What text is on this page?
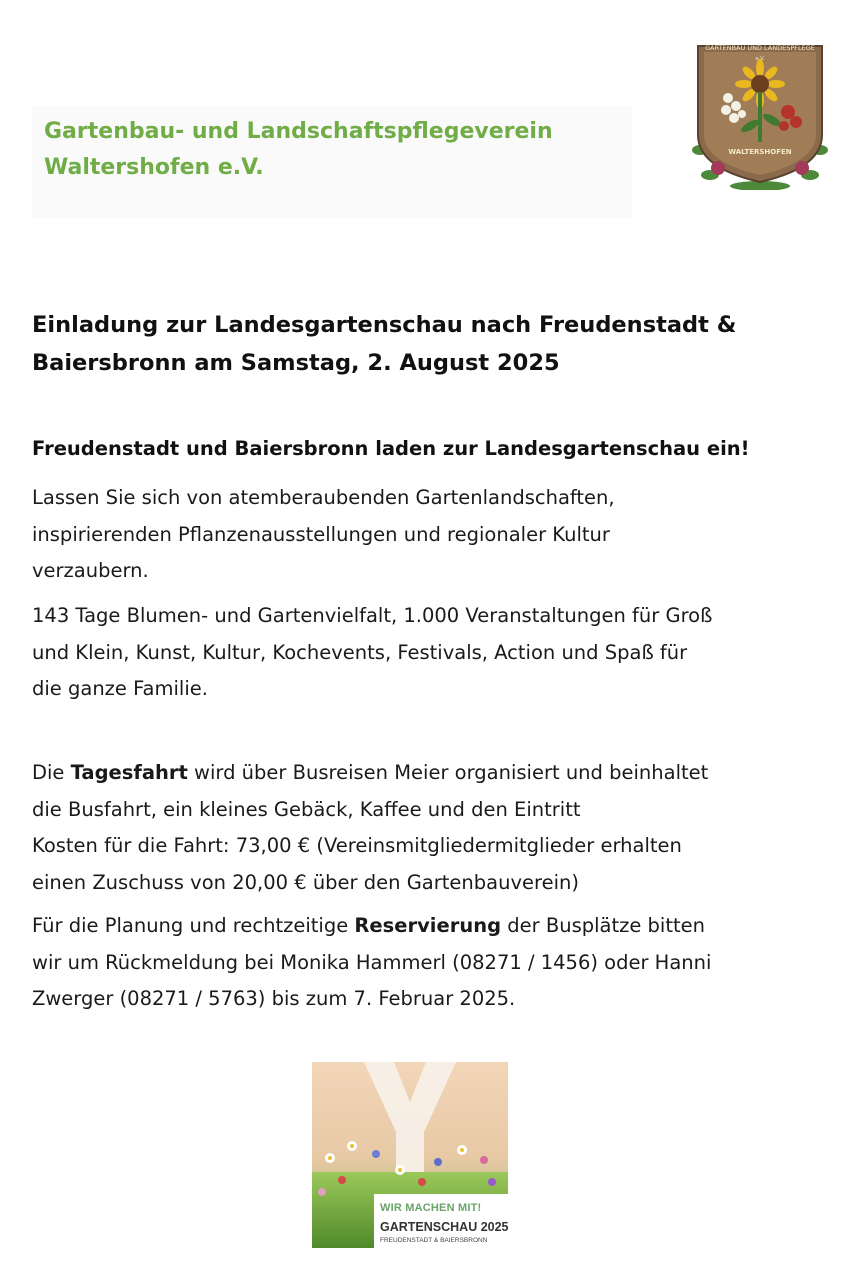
Gartenbau- und Landschaftspflegeverein
Waltershofen e.V.
GARTENBAU UND LANDESPFLEGE
e.V.
WALTERSHOFEN
Einladung zur Landesgartenschau nach Freudenstadt &
Baiersbronn am Samstag, 2. August 2025
Freudenstadt und Baiersbronn laden zur Landesgartenschau ein!
Lassen Sie sich von atemberaubenden Gartenlandschaften,
inspirierenden Pflanzenausstellungen und regionaler Kultur
verzaubern.
143 Tage Blumen- und Gartenvielfalt, 1.000 Veranstaltungen für Groß
und Klein, Kunst, Kultur, Kochevents, Festivals, Action und Spaß für
die ganze Familie.
Die Tagesfahrt wird über Busreisen Meier organisiert und beinhaltet
die Busfahrt, ein kleines Gebäck, Kaffee und den Eintritt
Kosten für die Fahrt: 73,00 € (Vereinsmitgliedermitglieder erhalten
einen Zuschuss von 20,00 € über den Gartenbauverein)
Für die Planung und rechtzeitige Reservierung der Busplätze bitten
wir um Rückmeldung bei Monika Hammerl (08271 / 1456) oder Hanni
Zwerger (08271 / 5763) bis zum 7. Februar 2025.
WIR MACHEN MIT!
GARTENSCHAU 2025
FREUDENSTADT & BAIERSBRONN
